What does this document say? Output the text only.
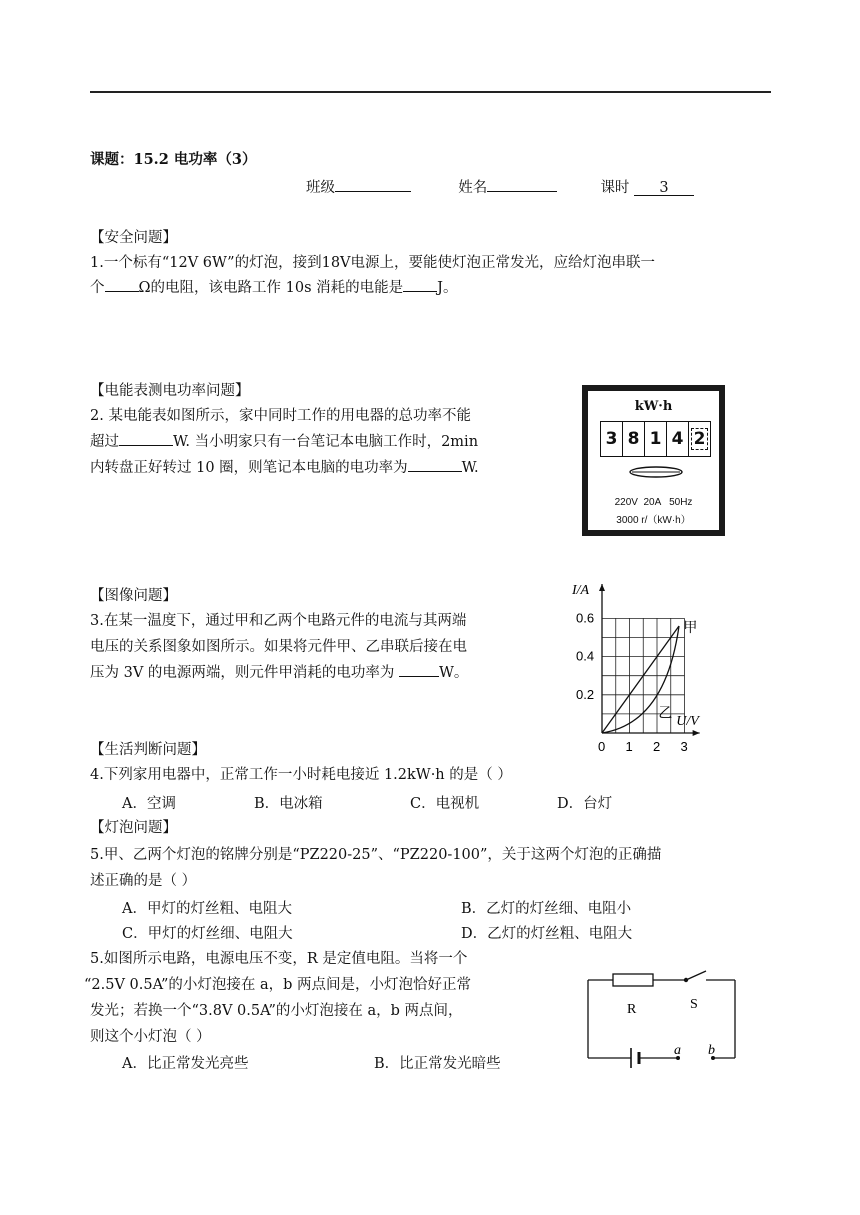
课题：15.2 电功率（3）
班级	姓名	课时 3
【安全问题】
1.一个标有“12V 6W”的灯泡，接到18V电源上，要能使灯泡正常发光，应给灯泡串联一
个 Ω的电阻，该电路工作 10s 消耗的电能是 J。
【电能表测电功率问题】
2. 某电能表如图所示，家中同时工作的用电器的总功率不能
超过	W. 当小明家只有一台笔记本电脑工作时，2min
内转盘正好转过 10 圈，则笔记本电脑的电功率为	W.
kW·h
3 8 1 4 2
220V  20A   50Hz
3000 r/（kW·h）
【图像问题】
3.在某一温度下，通过甲和乙两个电路元件的电流与其两端
电压的关系图象如图所示。如果将元件甲、乙串联后接在电
压为 3V 的电源两端，则元件甲消耗的电功率为	W。
0 1 2 3
0.2
0.4
0.6
I/A
U/V
甲
乙
【生活判断问题】
4.下列家用电器中，正常工作一小时耗电接近 1.2kW·h 的是（ ）
A．空调	B．电冰箱	C．电视机	D．台灯
【灯泡问题】
5.甲、乙两个灯泡的铭牌分别是“PZ220-25”、“PZ220-100”，关于这两个灯泡的正确描
述正确的是（ ）
A．甲灯的灯丝粗、电阻大	B．乙灯的灯丝细、电阻小
C．甲灯的灯丝细、电阻大	D．乙灯的灯丝粗、电阻大
5.如图所示电路，电源电压不变，R 是定值电阻。当将一个
“2.5V 0.5A”的小灯泡接在 a，b 两点间是，小灯泡恰好正常
发光；若换一个“3.8V 0.5A”的小灯泡接在 a，b 两点间，
则这个小灯泡（ ）
A．比正常发光亮些	B．比正常发光暗些
R	S
a b
